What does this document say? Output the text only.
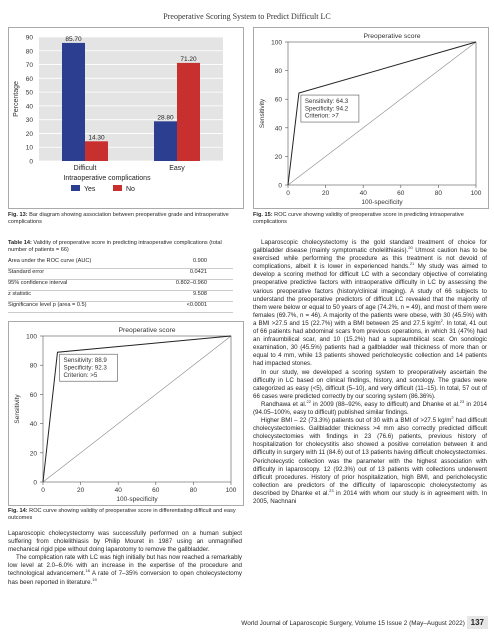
Preoperative Scoring System to Predict Difficult LC
0
10
20
30
40
50
60
70
80
90
Percentage
85.70
14.30
Difficult
28.80
71.20
Easy
Intraoperative complications
Yes	No
Fig. 13: Bar diagram showing association between preoperative grade and intraoperative complications
Preoperative score
0
20
40
60
80
100
0	20	40	60	80	100
100-specificity
Sensitivity	Sensitivity: 64.3
Specificity: 94.2
Criterion: >7
Fig. 15: ROC curve showing validity of preoperative score in predicting intraoperative complications
Table 14: Validity of preoperative score in predicting intraoperative complications (total number of patients = 66)
Area under the ROC curve (AUC)	0.900
Standard error	0.0421
95% confidence interval	0.802–0.960
z statistic	9.508
Significance level p (area = 0.5)	<0.0001
Preoperative score
0
20
40
60
80
100
0	20	40	60	80	100
100-specificity
Sensitivity
Sensitivity: 88.9
Specificity: 92.3
Criterion: >5
Fig. 14: ROC curve showing validity of preoperative score in differentiating difficult and easy outcomes

Laparoscopic cholecystectomy was successfully performed on a human subject suffering from cholelithiasis by Philip Mouret in 1987 using an unmagnified mechanical rigid pipe without doing laparotomy to remove the gallbladder.

The complication rate with LC was high initially but has now reached a remarkably low level at 2.0–6.0% with an increase in the expertise of the procedure and technological advancement.$^{18}$ A rate of 7–35% conversion to open cholecystectomy has been reported in literature.$^{19}$

Laparoscopic cholecystectomy is the gold standard treatment of choice for gallbladder disease (mainly symptomatic cholelithiasis).$^{20}$ Utmost caution has to be exercised while performing the procedure as this treatment is not devoid of complications, albeit it is lower in experienced hands.$^{21}$ My study was aimed to develop a scoring method for difficult LC with a secondary objective of correlating preoperative predictive factors with intraoperative difficulty in LC by assessing the various preoperative factors (history/clinical imaging). A study of 66 subjects to understand the preoperative predictors of difficult LC revealed that the majority of them were below or equal to 50 years of age (74.2%, n = 49), and most of them were females (69.7%, n = 46). A majority of the patients were obese, with 30 (45.5%) with a BMI >27.5 and 15 (22.7%) with a BMI between 25 and 27.5 $kg/m^2$. In total, 41 out of 66 patients had abdominal scars from previous operations, in which 31 (47%) had an infraumbilical scar, and 10 (15.2%) had a supraumbilical scar. On sonologic examination, 30 (45.5%) patients had a gallbladder wall thickness of more than or equal to 4 mm, while 13 patients showed pericholecystic collection and 14 patients had impacted stones.

In our study, we developed a scoring system to preoperatively ascertain the difficulty in LC based on clinical findings, history, and sonology. The grades were categorized as easy (<5), difficult (5–10), and very difficult (11–15). In total, 57 out of 66 cases were predicted correctly by our scoring system (86.36%).

Randhawa et al.$^{22}$ in 2009 (88–92%, easy to difficult) and Dhanke et al.$^{23}$ in 2014 (94.05–100%, easy to difficult) published similar findings.

Higher BMI – 22 (73.3%) patients out of 30 with a BMI of >27.5 $kg/m^2$ had difficult cholecystectomies. Gallbladder thickness >4 mm also correctly predicted difficult cholecystectomies with findings in 23 (76.6) patients, previous history of hospitalization for cholecystitis also showed a positive correlation between it and difficulty in surgery with 11 (84.6) out of 13 patients having difficult cholecystectomies. Pericholecystic collection was the parameter with the highest association with difficulty in laparoscopy. 12 (92.3%) out of 13 patients with collections underwent difficult procedures. History of prior hospitalization, high BMI, and pericholecystic collection are predictors of the difficulty of laparoscopic cholecystectomy as described by Dhanke et al.$^{23}$ in 2014 with whom our study is in agreement with. In 2005, Nachnani

World Journal of Laparoscopic Surgery, Volume 15 Issue 2 (May–August 2022) 137
